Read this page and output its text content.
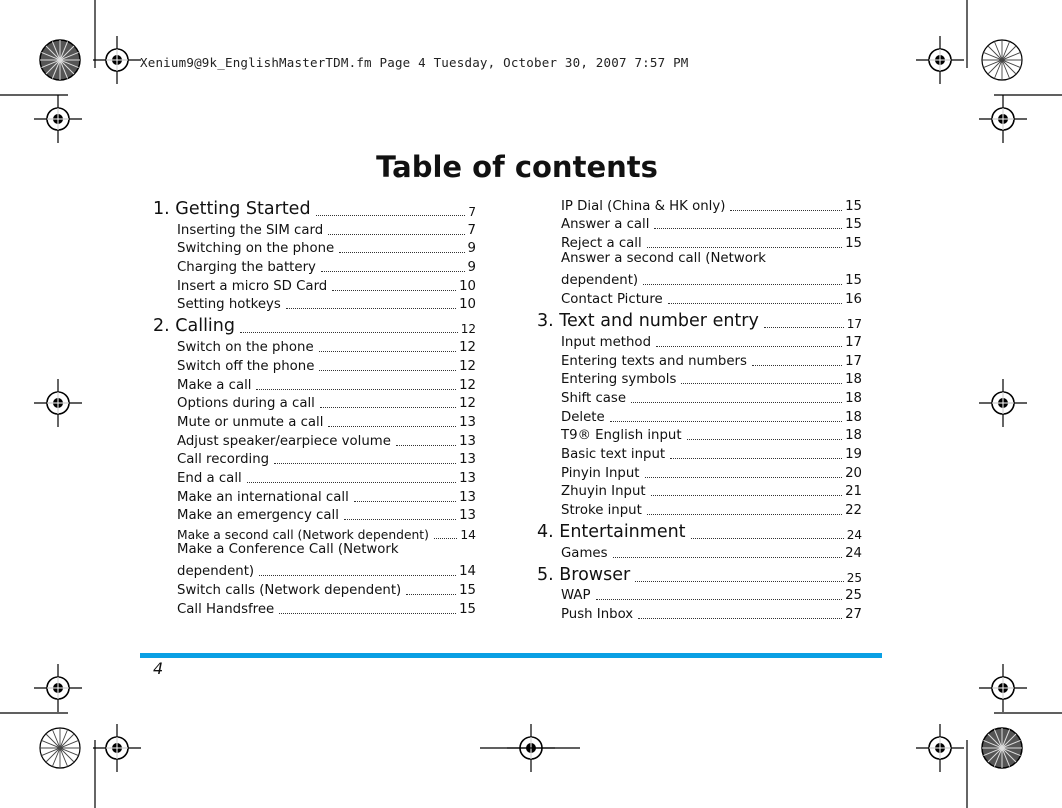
Xenium9@9k_EnglishMasterTDM.fm Page 4 Tuesday, October 30, 2007 7:57 PM
Table of contents
1. Getting Started	7
Inserting the SIM card	7
Switching on the phone	9
Charging the battery	9
Insert a micro SD Card	10
Setting hotkeys	10
2. Calling	12
Switch on the phone	12
Switch off the phone	12
Make a call	12
Options during a call	12
Mute or unmute a call	13
Adjust speaker/earpiece volume	13
Call recording	13
End a call	13
Make an international call	13
Make an emergency call	13
Make a second call (Network dependent)	14
Make a Conference Call (Network
dependent)	14
Switch calls (Network dependent)	15
Call Handsfree	15
IP Dial (China & HK only)	15
Answer a call	15
Reject a call	15
Answer a second call (Network
dependent)	15
Contact Picture	16
3. Text and number entry	17
Input method	17
Entering texts and numbers	17
Entering symbols	18
Shift case	18
Delete	18
T9® English input	18
Basic text input	19
Pinyin Input	20
Zhuyin Input	21
Stroke input	22
4. Entertainment	24
Games	24
5. Browser	25
WAP	25
Push Inbox	27
4
